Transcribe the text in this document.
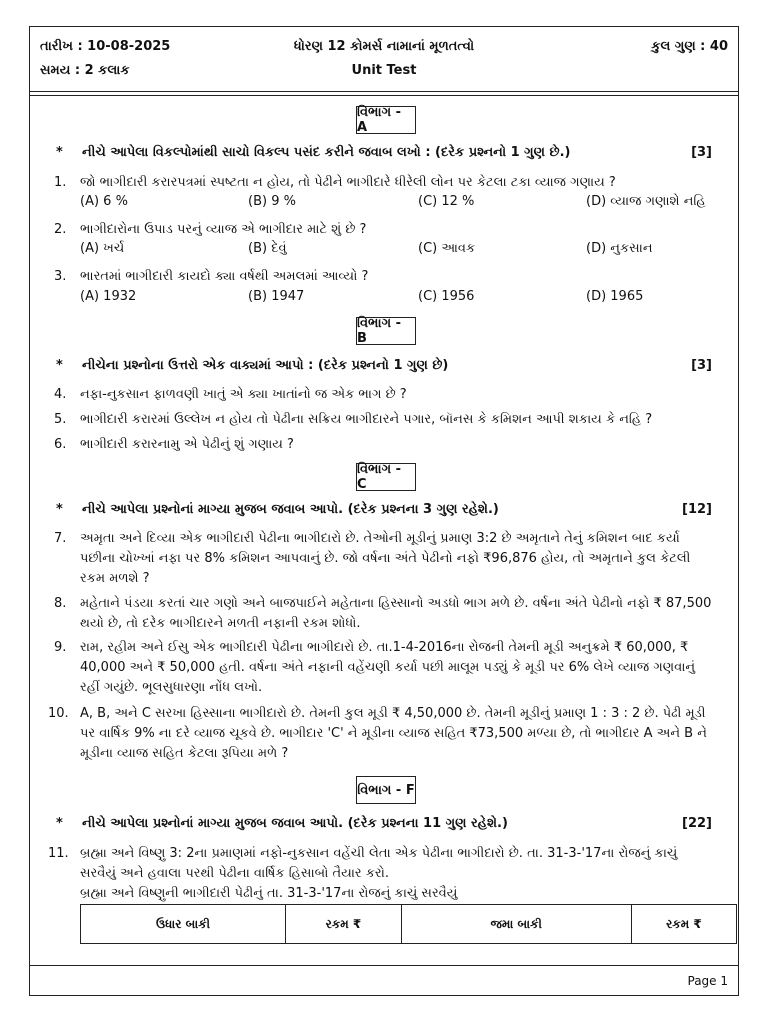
તારીખ : 10-08-2025	ધોરણ 12 કોમર્સ નામાનાં મૂળતત્વો	કુલ ગુણ : 40
સમય : 2 કલાક	Unit Test
વિભાગ - A
* નીચે આપેલા વિકલ્પોમાંથી સાચો વિકલ્પ પસંદ કરીને જવાબ લખો : (દરેક પ્રશ્નનો 1 ગુણ છે.)	[3]
1. જો ભાગીદારી કરારપત્રમાં સ્પષ્ટતા ન હોય, તો પેઢીને ભાગીદારે ધીરેલી લોન પર કેટલા ટકા વ્યાજ ગણાય ?
(A) 6 %	(B) 9 %	(C) 12 %	(D) વ્યાજ ગણાશે નહિ
2. ભાગીદારોના ઉપાડ પરનું વ્યાજ એ ભાગીદાર માટે શું છે ?
(A) ખર્ચ	(B) દેવું	(C) આવક	(D) નુકસાન
3. ભારતમાં ભાગીદારી કાયદો ક્યા વર્ષથી અમલમાં આવ્યો ?
(A) 1932	(B) 1947	(C) 1956	(D) 1965
વિભાગ - B
* નીચેના પ્રશ્નોના ઉત્તરો એક વાક્યમાં આપો : (દરેક પ્રશ્નનો 1 ગુણ છે)	[3]
4. નફા-નુકસાન ફાળવણી ખાતું એ ક્યા ખાતાંનો જ એક ભાગ છે ?
5. ભાગીદારી કરારમાં ઉલ્લેખ ન હોય તો પેઢીના સક્રિય ભાગીદારને પગાર, બૉનસ કે કમિશન આપી શકાય કે નહિ ?
6. ભાગીદારી કરારનામુ એ પેઢીનું શું ગણાય ?
વિભાગ - C
* નીચે આપેલા પ્રશ્નોનાં માગ્યા મુજબ જવાબ આપો. (દરેક પ્રશ્નના 3 ગુણ રહેશે.)	[12]
7. અમૃતા અને દિવ્યા એક ભાગીદારી પેઢીના ભાગીદારો છે. તેઓની મૂડીનું પ્રમાણ 3:2 છે અમૃતાને તેનું કમિશન બાદ કર્યા પછીના ચોખ્ખાં નફા પર 8% કમિશન આપવાનું છે. જો વર્ષના અંતે પેઢીનો નફો ₹96,876 હોય, તો અમૃતાને કુલ કેટલી રકમ મળશે ?
8. મહેતાને પંડયા કરતાં ચાર ગણો અને બાજપાઈને મહેતાના હિસ્સાનો અડધો ભાગ મળે છે. વર્ષના અંતે પેઢીનો નફો ₹ 87,500 થયો છે, તો દરેક ભાગીદારને મળતી નફાની રકમ શોધો.
9. રામ, રહીમ અને ઈસુ એક ભાગીદારી પેઢીના ભાગીદારો છે. તા.1-4-2016ના રોજની તેમની મૂડી અનુક્રમે ₹ 60,000, ₹ 40,000 અને ₹ 50,000 હતી. વર્ષના અંતે નફાની વહેંચણી કર્યા પછી માલૂમ પડ્યું કે મૂડી પર 6% લેખે વ્યાજ ગણવાનું રહીં ગયુંછે. ભૂલસુધારણા નોંધ લખો.
10. A, B, અને C સરખા હિસ્સાના ભાગીદારો છે. તેમની કુલ મૂડી ₹ 4,50,000 છે. તેમની મૂડીનું પ્રમાણ 1 : 3 : 2 છે. પેઢી મૂડી પર વાર્ષિક 9% ના દરે વ્યાજ ચૂકવે છે. ભાગીદાર 'C' ને મૂડીના વ્યાજ સહિત ₹73,500 મળ્યા છે, તો ભાગીદાર A અને B ને મૂડીના વ્યાજ સહિત કેટલા રૂપિયા મળે ?
વિભાગ - F
* નીચે આપેલા પ્રશ્નોનાં માગ્યા મુજબ જવાબ આપો. (દરેક પ્રશ્નના 11 ગુણ રહેશે.)	[22]
11. બ્રહ્મા અને વિષ્ણુ 3: 2ના પ્રમાણમાં નફો-નુકસાન વહેંચી લેતા એક પેઢીના ભાગીદારો છે. તા. 31-3-'17ના રોજનું કાચું સરવૈયું અને હવાલા પરથી પેઢીના વાર્ષિક હિસાબો તૈયાર કરો.
બ્રહ્મા અને વિષ્ણુની ભાગીદારી પેઢીનું તા. 31-3-'17ના રોજનું કાચું સરવૈયું
ઉધાર બાકી	રકમ ₹	જમા બાકી	રકમ ₹
Page 1
